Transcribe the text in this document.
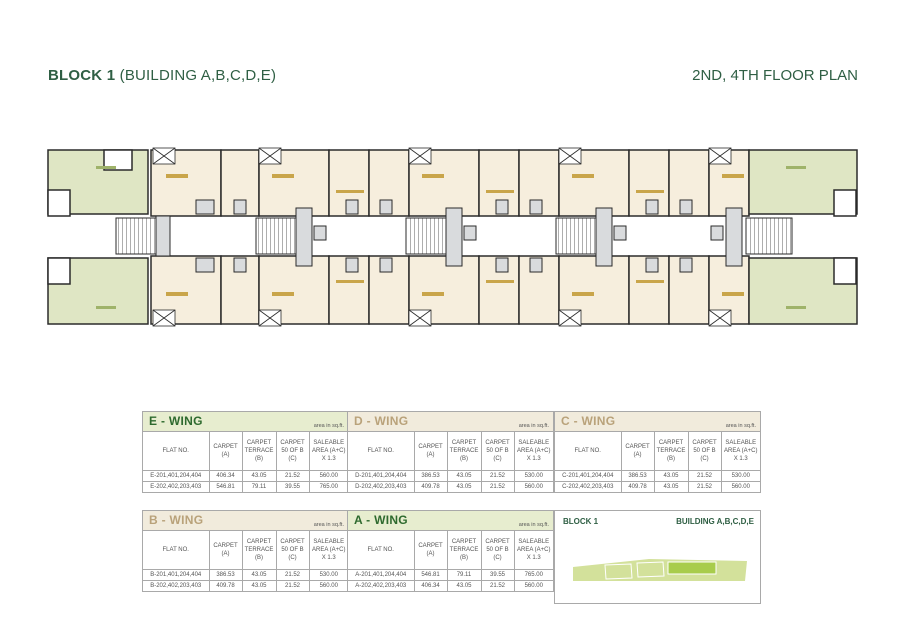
BLOCK 1 (BUILDING A,B,C,D,E)	2ND, 4TH FLOOR PLAN
E - WING	area in sq.ft.
FLAT NO.	CARPET (A)	CARPET TERRACE (B)	CARPET 50 OF B (C)	SALEABLE AREA (A+C) X 1.3
E-201,401,204,404	406.34	43.05	21.52	560.00
E-202,402,203,403	546.81	79.11	39.55	765.00
D - WING	area in sq.ft.
FLAT NO.	CARPET (A)	CARPET TERRACE (B)	CARPET 50 OF B (C)	SALEABLE AREA (A+C) X 1.3
D-201,401,204,404	386.53	43.05	21.52	530.00
D-202,402,203,403	409.78	43.05	21.52	560.00
C - WING	area in sq.ft.
FLAT NO.	CARPET (A)	CARPET TERRACE (B)	CARPET 50 OF B (C)	SALEABLE AREA (A+C) X 1.3
C-201,401,204,404	386.53	43.05	21.52	530.00
C-202,402,203,403	409.78	43.05	21.52	560.00
B - WING	area in sq.ft.
FLAT NO.	CARPET (A)	CARPET TERRACE (B)	CARPET 50 OF B (C)	SALEABLE AREA (A+C) X 1.3
B-201,401,204,404	386.53	43.05	21.52	530.00
B-202,402,203,403	409.78	43.05	21.52	560.00
A - WING	area in sq.ft.
FLAT NO.	CARPET (A)	CARPET TERRACE (B)	CARPET 50 OF B (C)	SALEABLE AREA (A+C) X 1.3
A-201,401,204,404	546.81	79.11	39.55	765.00
A-202,402,203,403	406.34	43.05	21.52	560.00
BLOCK 1	BUILDING A,B,C,D,E
